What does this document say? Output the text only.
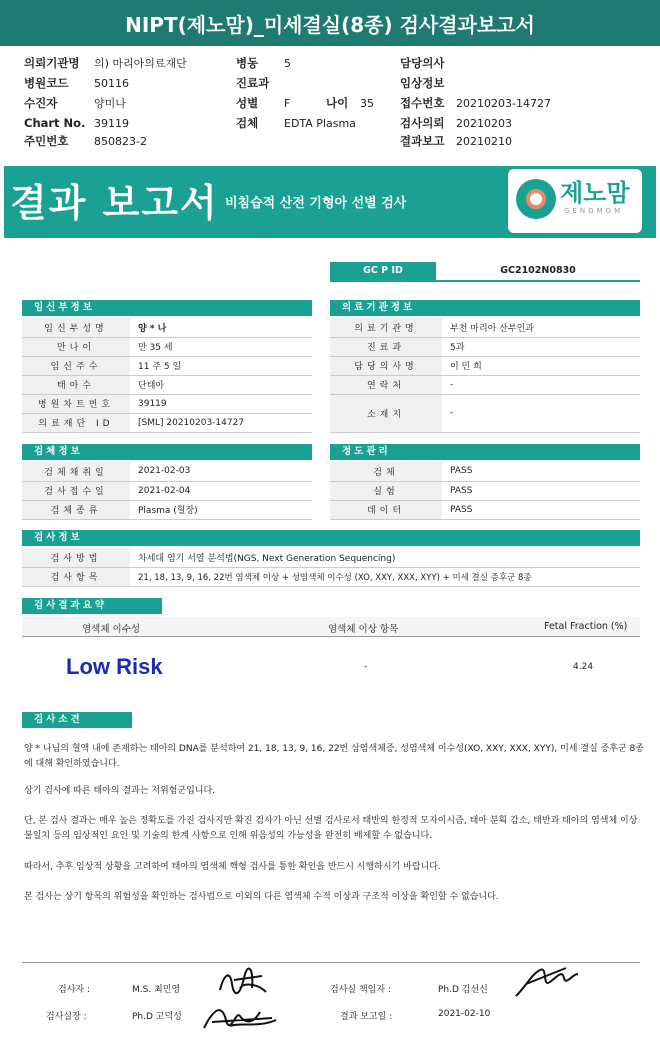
NIPT(제노맘)_미세결실(8종) 검사결과보고서
의뢰기관명 의) 마리아의료재단
병원코드 50116
수진자	양미나
Chart No. 39119
주민번호 850823-2
병동 5
진료과
성별 F	나이 35
검체 EDTA Plasma
담당의사
임상정보
접수번호 20210203-14727
검사의뢰 20210203
결과보고 20210210
결과 보고서 비침습적 산전 기형아 선별 검사	제노맘
GENOMOM
GC P ID	GC2102N0830
임신부정보
임신부성명	양 * 나
만나이	만 35 세
임신주수	11 주 5 일
태아수	단태아
병원차트번호	39119
의료재단 ID	[SML] 20210203-14727
의료기관정보
의료기관명	부천 마리아 산부인과
진료과	5과
담당의사명	이 민 희
연락처	-
소재지	-
검체정보
검체채취일	2021-02-03
검사접수일	2021-02-04
검체종류	Plasma (혈장)
정도관리
검체	PASS
실험	PASS
데이터	PASS
검사정보
검사방법	차세대 염기 서열 분석법(NGS, Next Generation Sequencing)
검사항목	21, 18, 13, 9, 16, 22번 염색체 이상 + 성염색체 이수성 (XO, XXY, XXX, XYY) + 미세 결실 증후군 8종
검사결과요약
염색체 이수성	염색체 이상 항목	Fetal Fraction (%)
Low Risk	-	4.24
검사소견
양 * 나님의 혈액 내에 존재하는 태아의 DNA를 분석하여 21, 18, 13, 9, 16, 22번 삼염색체증, 성염색체 이수성(XO, XXY, XXX, XYY), 미세 결실 증후군 8종에 대해 확인하였습니다.
상기 검사에 따른 태아의 결과는 저위험군입니다.
단, 본 검사 결과는 매우 높은 정확도를 가진 검사지만 확진 검사가 아닌 선별 검사로서 태반의 한정적 모자이시즘, 태아 분획 감소, 태반과 태아의 염색체 이상 불일치 등의 임상적인 요인 및 기술의 한계 사항으로 인해 위음성의 가능성을 완전히 배제할 수 없습니다.
따라서, 추후 임상적 상황을 고려하여 태아의 염색체 핵형 검사를 통한 확인을 반드시 시행하시기 바랍니다.
본 검사는 상기 항목의 위험성을 확인하는 검사법으로 이외의 다른 염색체 수적 이상과 구조적 이상을 확인할 수 없습니다.
검사자 :	M.S. 최민영
검사실장 :	Ph.D 고덕성
검사실 책임자 :	Ph.D 김선신
결과 보고일 :	2021-02-10
